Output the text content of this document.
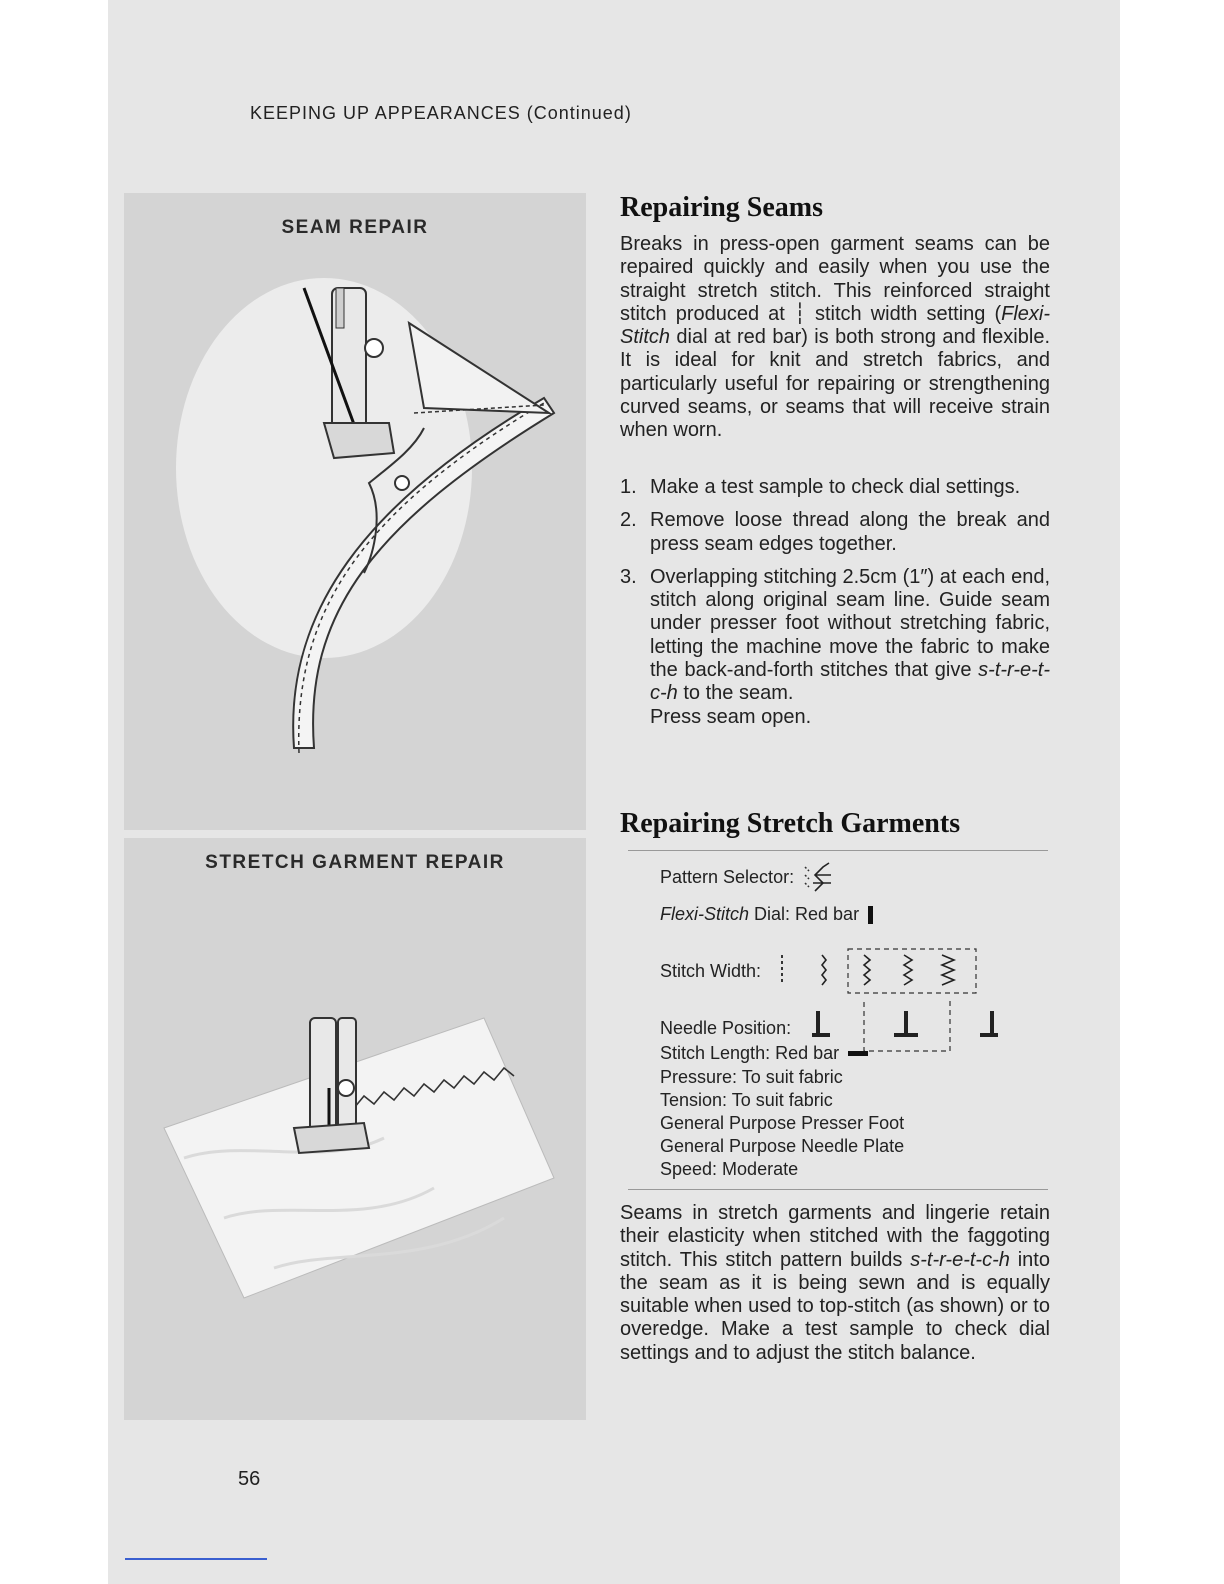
KEEPING UP APPEARANCES (Continued)
SEAM REPAIR
STRETCH GARMENT REPAIR
Repairing Seams

Breaks in press-open garment seams can be repaired quickly and easily when you use the straight stretch stitch. This reinforced straight stitch produced at ┆ stitch width setting (Flexi-Stitch dial at red bar) is both strong and flexible. It is ideal for knit and stretch fabrics, and particularly useful for repairing or strengthening curved seams, or seams that will receive strain when worn.

1. Make a test sample to check dial settings.
2. Remove loose thread along the break and press seam edges together.
3. Overlapping stitching 2.5cm (1″) at each end, stitch along original seam line. Guide seam under presser foot without stretching fabric, letting the machine move the fabric to make the back-and-forth stitches that give s-t-r-e-t-c-h to the seam.
Press seam open.
Repairing Stretch Garments
Pattern Selector:
Flexi-Stitch Dial: Red bar
Stitch Width:
Needle Position:
Stitch Length: Red bar
Pressure: To suit fabric
Tension: To suit fabric
General Purpose Presser Foot
General Purpose Needle Plate
Speed: Moderate

Seams in stretch garments and lingerie retain their elasticity when stitched with the faggoting stitch. This stitch pattern builds s-t-r-e-t-c-h into the seam as it is being sewn and is equally suitable when used to top-stitch (as shown) or to overedge. Make a test sample to check dial settings and to adjust the stitch balance.

56
